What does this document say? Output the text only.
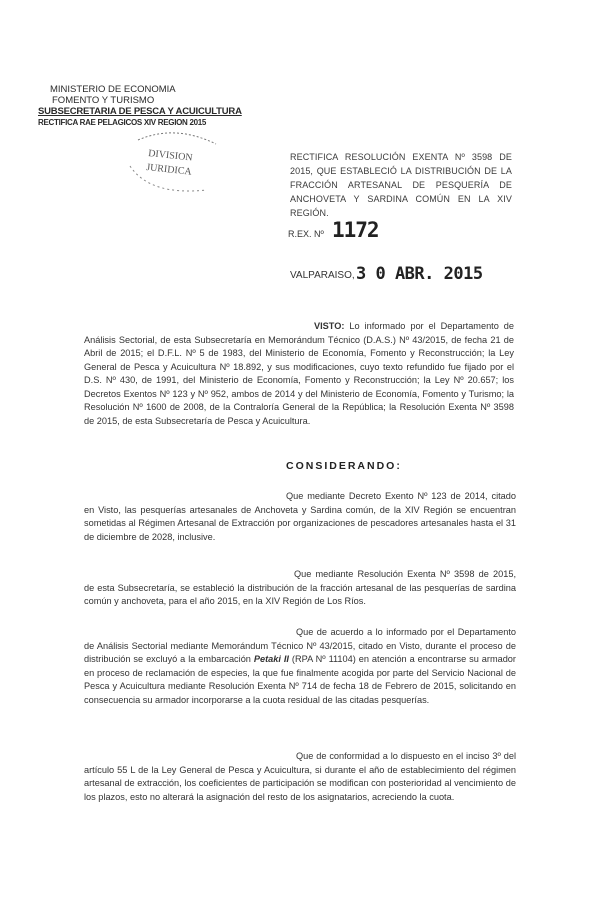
MINISTERIO DE ECONOMIA
FOMENTO Y TURISMO
SUBSECRETARIA DE PESCA Y ACUICULTURA
RECTIFICA RAE PELAGICOS XIV REGION 2015
DIVISION
JURIDICA
RECTIFICA RESOLUCIÓN EXENTA Nº 3598 DE 2015, QUE ESTABLECIÓ LA DISTRIBUCIÓN DE LA FRACCIÓN ARTESANAL DE PESQUERÍA DE ANCHOVETA Y SARDINA COMÚN EN LA XIV REGIÓN.
R.EX. Nº 1172
VALPARAISO, 3 0 ABR. 2015
VISTO: Lo informado por el Departamento de Análisis Sectorial, de esta Subsecretaría en Memorándum Técnico (D.A.S.) Nº 43/2015, de fecha 21 de Abril de 2015; el D.F.L. Nº 5 de 1983, del Ministerio de Economía, Fomento y Reconstrucción; la Ley General de Pesca y Acuicultura Nº 18.892, y sus modificaciones, cuyo texto refundido fue fijado por el D.S. Nº 430, de 1991, del Ministerio de Economía, Fomento y Reconstrucción; la Ley Nº 20.657; los Decretos Exentos Nº 123 y Nº 952, ambos de 2014 y del Ministerio de Economía, Fomento y Turismo; la Resolución Nº 1600 de 2008, de la Contraloría General de la República; la Resolución Exenta Nº 3598 de 2015, de esta Subsecretaría de Pesca y Acuicultura.
CONSIDERANDO:
Que mediante Decreto Exento Nº 123 de 2014, citado en Visto, las pesquerías artesanales de Anchoveta y Sardina común, de la XIV Región se encuentran sometidas al Régimen Artesanal de Extracción por organizaciones de pescadores artesanales hasta el 31 de diciembre de 2028, inclusive.
Que mediante Resolución Exenta Nº 3598 de 2015, de esta Subsecretaría, se estableció la distribución de la fracción artesanal de las pesquerías de sardina común y anchoveta, para el año 2015, en la XIV Región de Los Ríos.
Que de acuerdo a lo informado por el Departamento de Análisis Sectorial mediante Memorándum Técnico Nº 43/2015, citado en Visto, durante el proceso de distribución se excluyó a la embarcación Petaki II (RPA Nº 11104) en atención a encontrarse su armador en proceso de reclamación de especies, la que fue finalmente acogida por parte del Servicio Nacional de Pesca y Acuicultura mediante Resolución Exenta Nº 714 de fecha 18 de Febrero de 2015, solicitando en consecuencia su armador incorporarse a la cuota residual de las citadas pesquerías.
Que de conformidad a lo dispuesto en el inciso 3º del artículo 55 L de la Ley General de Pesca y Acuicultura, si durante el año de establecimiento del régimen artesanal de extracción, los coeficientes de participación se modifican con posterioridad al vencimiento de los plazos, esto no alterará la asignación del resto de los asignatarios, acreciendo la cuota.
